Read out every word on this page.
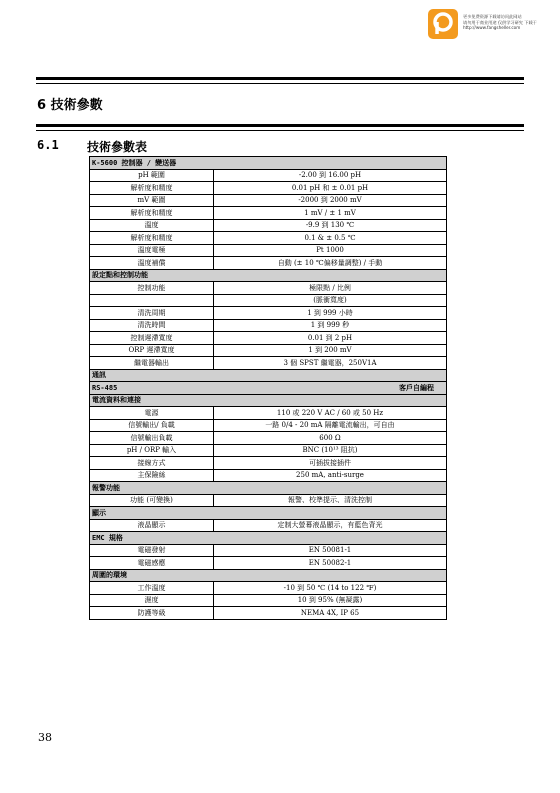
更多免费资源下载请访问此网站
请勿用于商业用途 仅供学习研究 下载于
http://www.fangsheller.com
6 技術參數
6.1 技術參數表
K-5600 控制器 / 變送器	
pH 範圍	-2.00 到 16.00 pH
解析度和精度	0.01 pH 和 ± 0.01 pH
mV 範圍	-2000 到 2000 mV
解析度和精度	1 mV / ± 1 mV
溫度	-9.9 到 130 ℃
解析度和精度	0.1 & ± 0.5 ℃
溫度電極	Pt 1000
溫度補償	自動 (± 10 ℃偏移量調整) / 手動
設定點和控制功能	
控制功能	極限點 / 比例
	(脈衝寬度)
清洗周期	1 到 999 小時
清洗時間	1 到 999 秒
控制遲滯寬度	0.01 到 2 pH
ORP 遲滯寬度	1 到 200 mV
繼電器輸出	3 個 SPST 繼電器，250V1A
通訊	
RS-485 客戶自編程	

電流資料和連接	
電源	110 或 220 V AC / 60 或 50 Hz
信號輸出/ 負載	一路 0/4 - 20 mA 隔離電流輸出，可自由
信號輸出負載	600 Ω
pH / ORP 輸入	BNC (10¹³ 阻抗)
接線方式	可插拔接插件
主保險絲	250 mA, anti-surge
報警功能	
功能 (可變換)	報警、校準提示、清洗控制
顯示	
液晶顯示	定制大螢幕液晶顯示，有藍色背光
EMC 規格	
電磁發射	EN 50081-1
電磁感應	EN 50082-1
周圍的環境	
工作溫度	-10 到 50 ℃ (14 to 122 ℉)
濕度	10 到 95% (無凝露)
防護等級	NEMA 4X, IP 65
38
